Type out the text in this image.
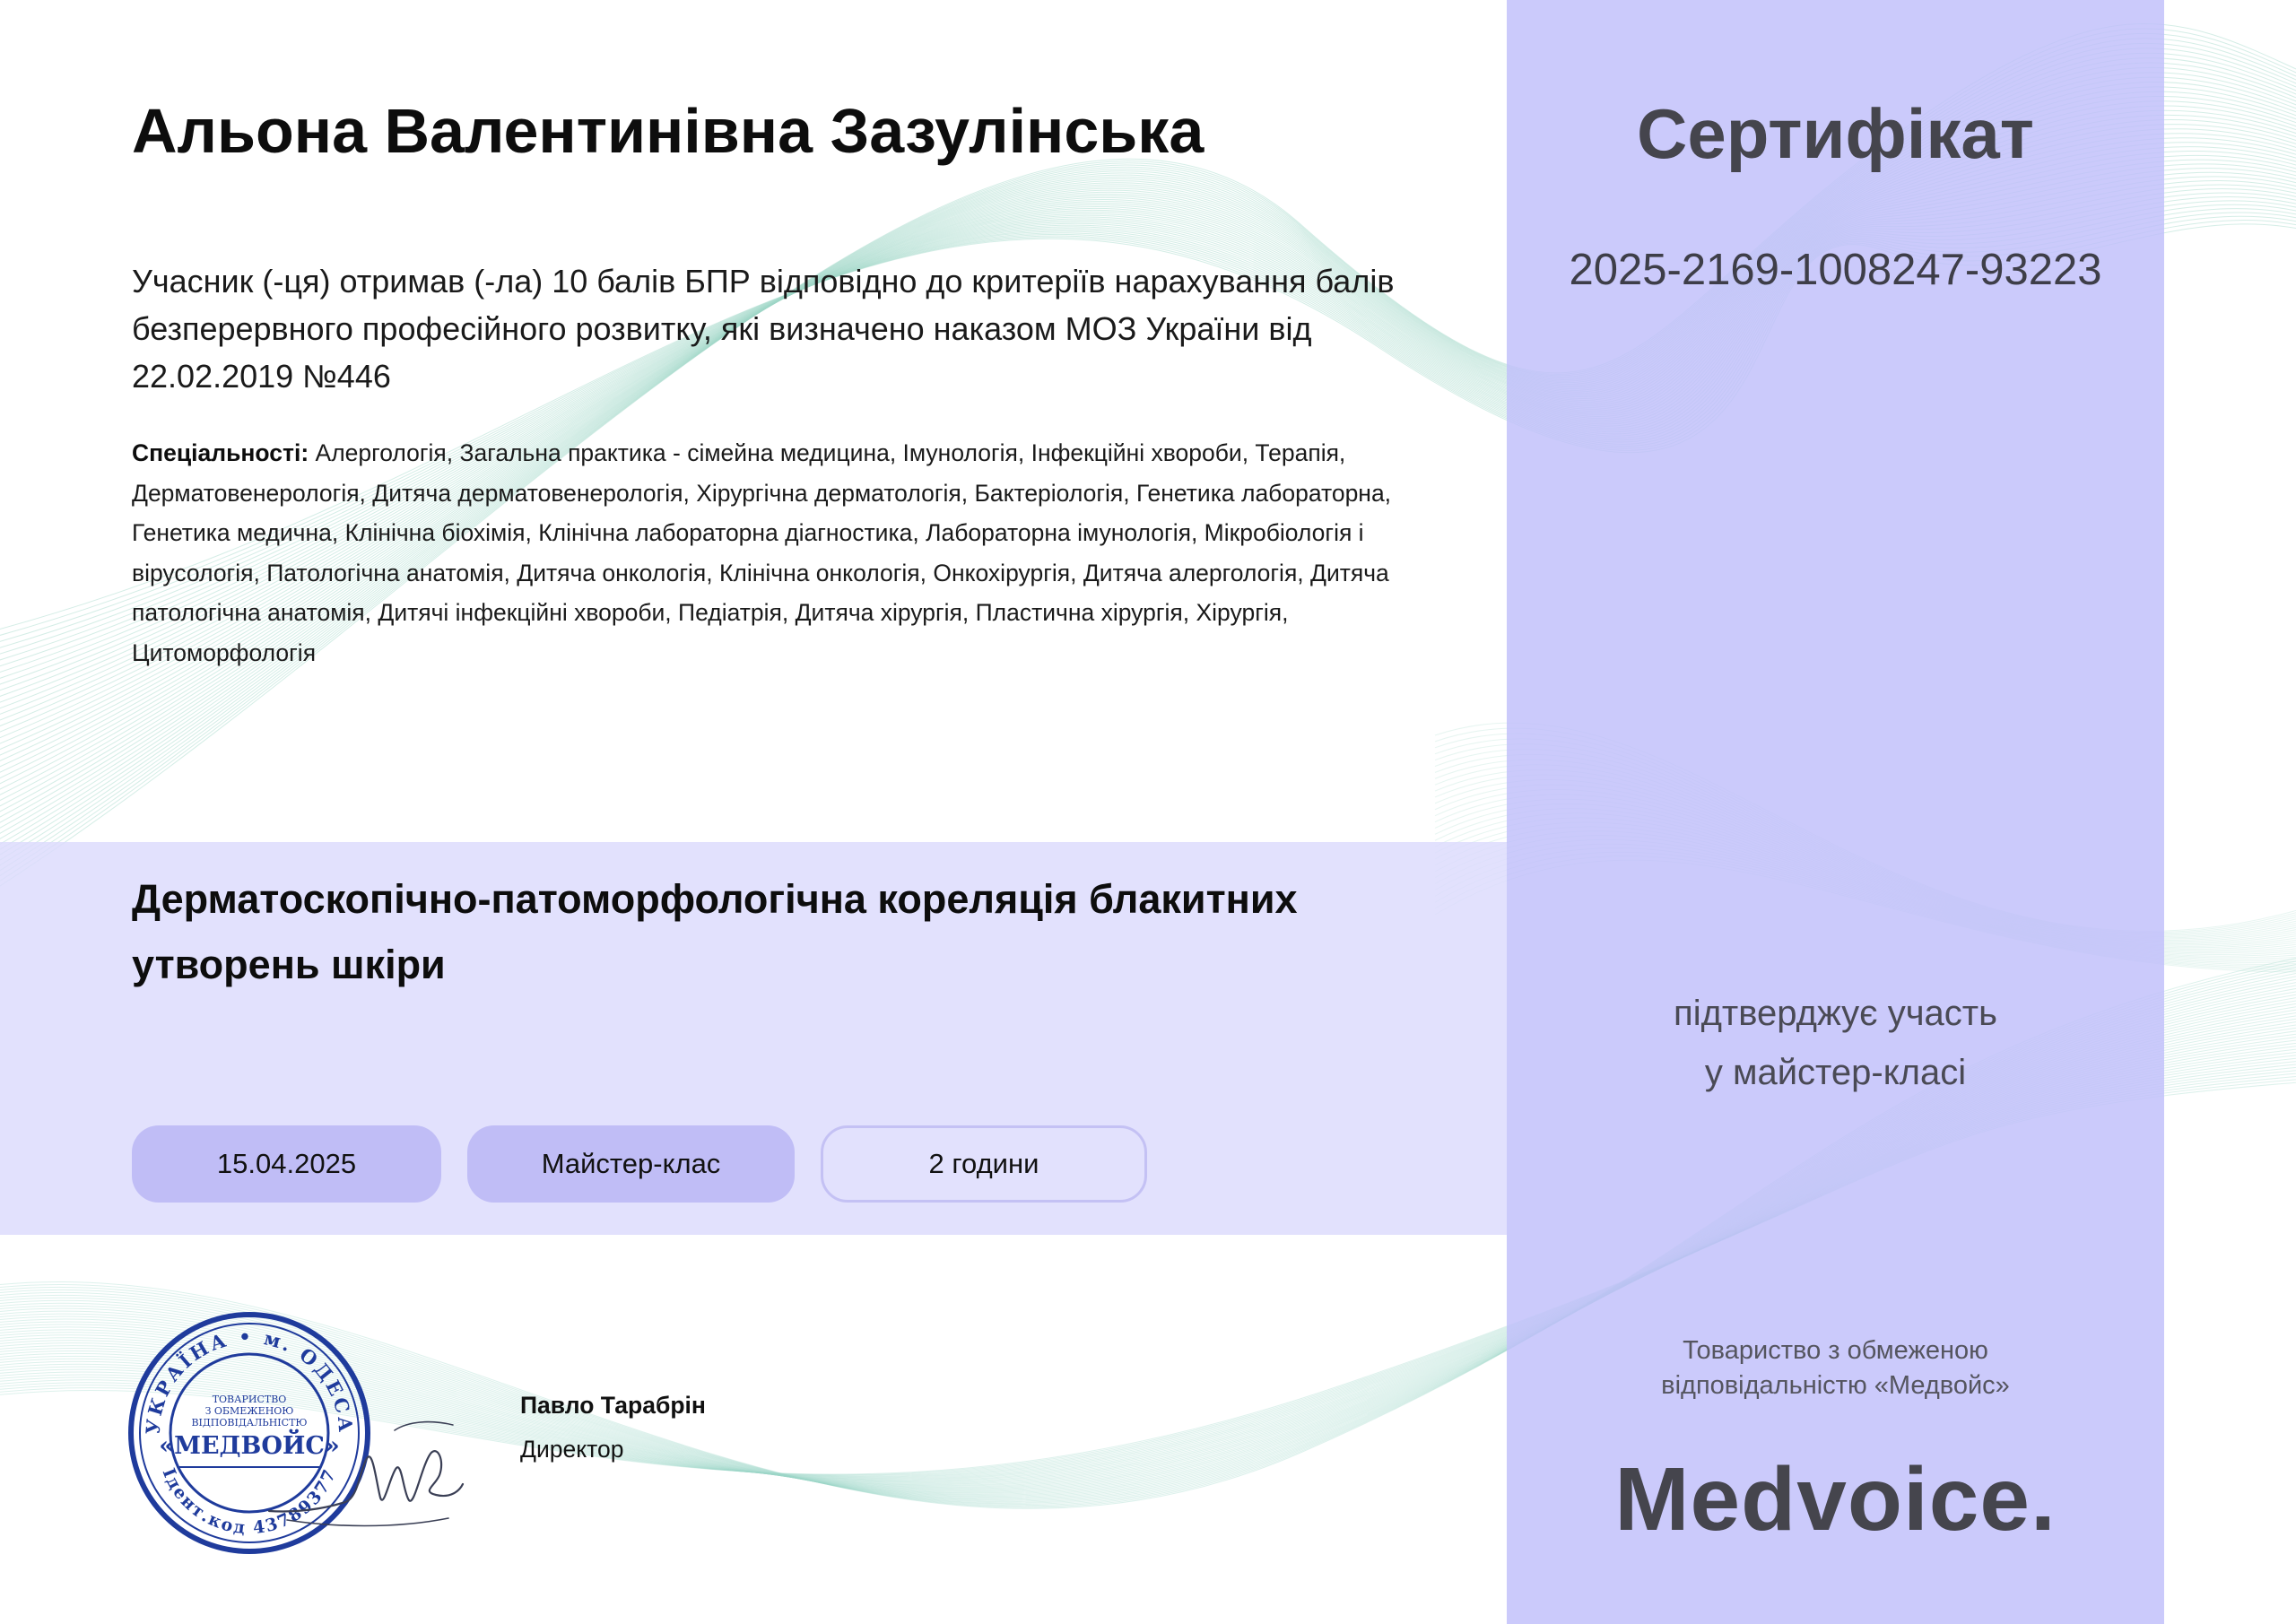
Альона Валентинівна Зазулінська

Учасник (-ця) отримав (-ла) 10 балів БПР відповідно до критеріїв нарахування балів безперервного професійного розвитку, які визначено наказом МОЗ України від 22.02.2019 №446

Спеціальності: Алергологія, Загальна практика - сімейна медицина, Імунологія, Інфекційні хвороби, Терапія, Дерматовенерологія, Дитяча дерматовенерологія, Хірургічна дерматологія, Бактеріологія, Генетика лабораторна, Генетика медична, Клінічна біохімія, Клінічна лабораторна діагностика, Лабораторна імунологія, Мікробіологія і вірусологія, Патологічна анатомія, Дитяча онкологія, Клінічна онкологія, Онкохірургія, Дитяча алергологія, Дитяча патологічна анатомія, Дитячі інфекційні хвороби, Педіатрія, Дитяча хірургія, Пластична хірургія, Хірургія, Цитоморфологія

Дерматоскопічно-патоморфологічна кореляція блакитних утворень шкіри
15.04.2025	Майстер-клас	2 години
УКРАЇНА • м. ОДЕСА
Ідент.код 43789377
ТОВАРИСТВО
З ОБМЕЖЕНОЮ
ВІДПОВІДАЛЬНІСТЮ
«МЕДВОЙС»

Павло Тарабрін

Директор

Сертифікат

2025-2169-1008247-93223

підтверджує участь
у майстер-класі

Товариство з обмеженою
відповідальністю «Медвойс»

Medvoice.
